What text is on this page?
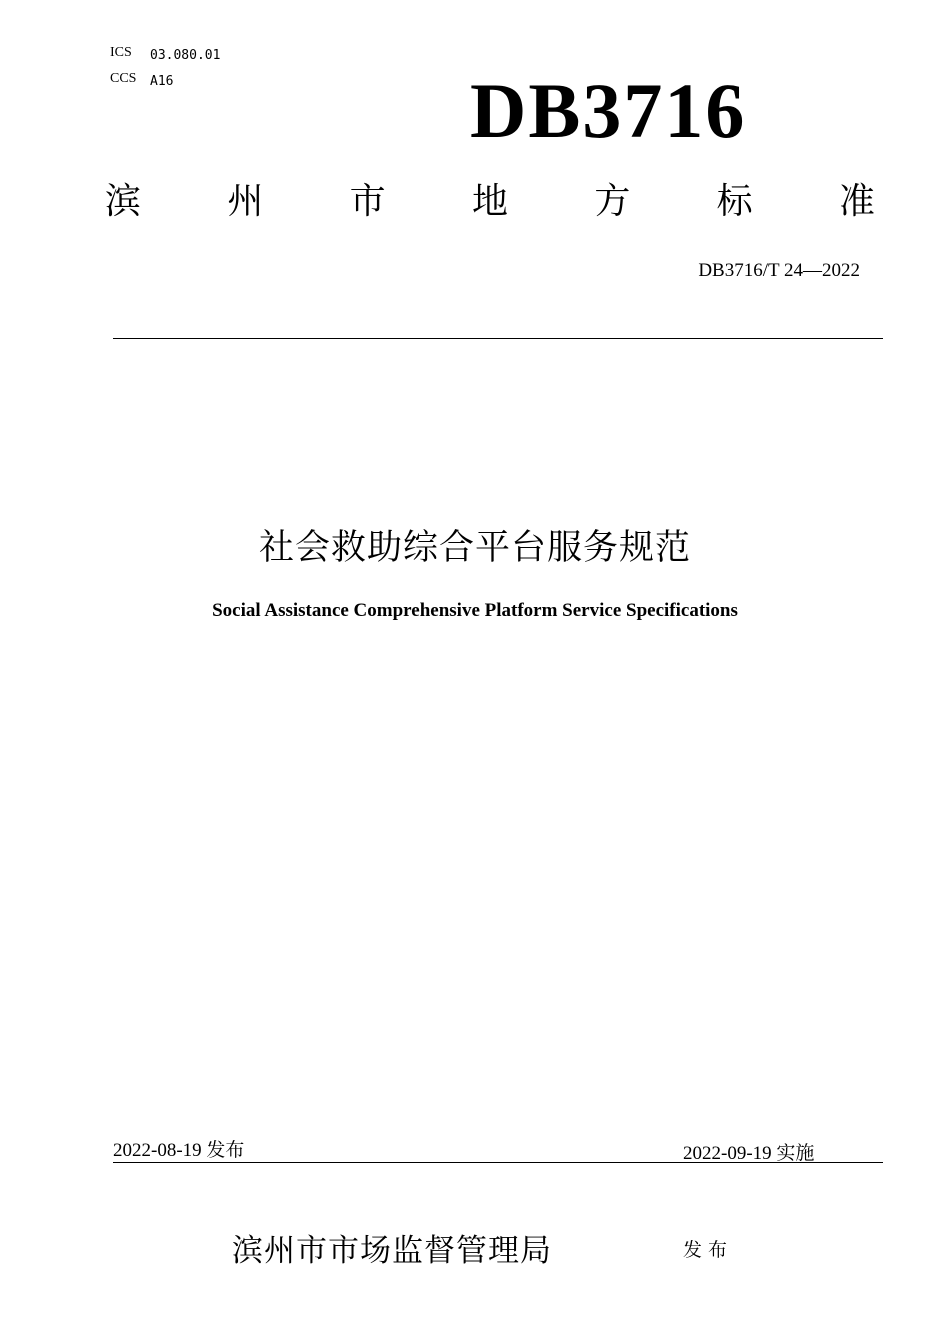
ICS 03.080.01
CCS A16	DB3716
滨 州 市 地 方 标 准
DB3716/T 24—2022
社会救助综合平台服务规范
Social Assistance Comprehensive Platform Service Specifications
2022-08-19 发布	2022-09-19 实施
滨州市市场监督管理局	发布
